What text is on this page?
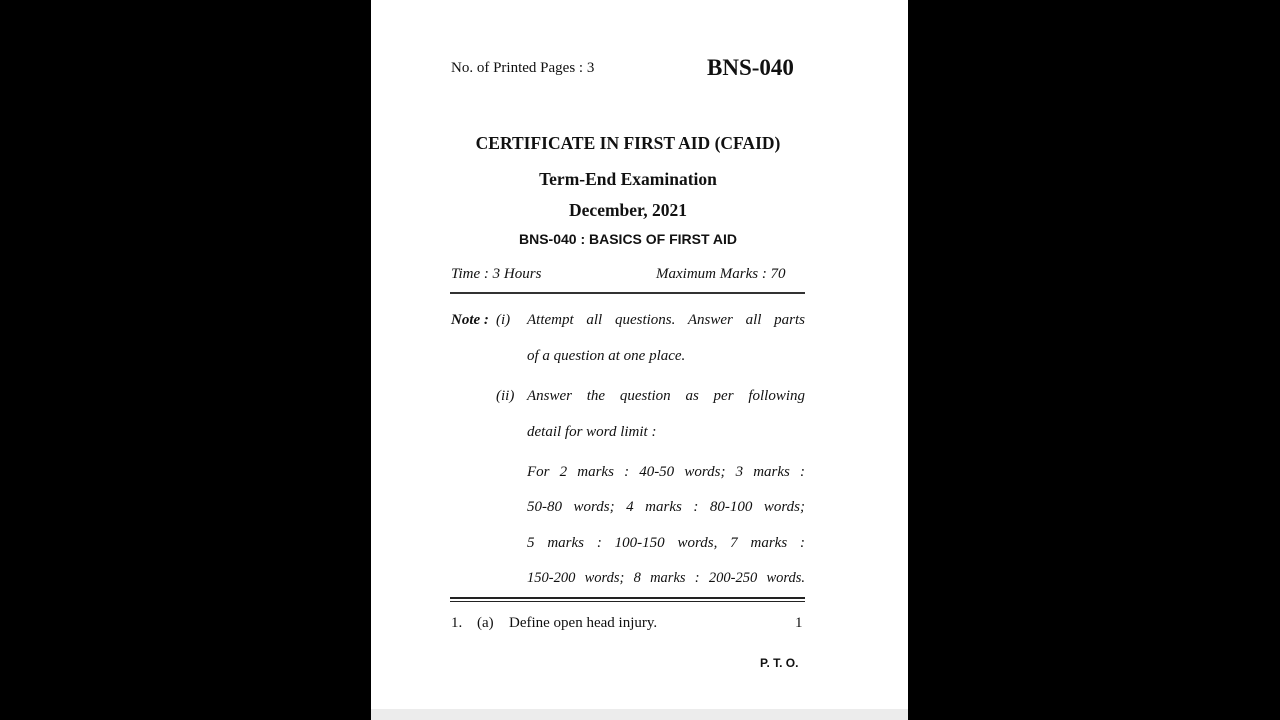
No. of Printed Pages : 3	BNS-040
CERTIFICATE IN FIRST AID (CFAID)
Term-End Examination
December, 2021
BNS-040 : BASICS OF FIRST AID
Time : 3 Hours	Maximum Marks : 70
Note : (i) Attempt all questions. Answer all parts
of a question at one place.
(ii) Answer the question as per following
detail for word limit :
For 2 marks : 40-50 words; 3 marks :
50-80 words; 4 marks : 80-100 words;
5 marks : 100-150 words, 7 marks :
150-200 words; 8 marks : 200-250 words.
1. (a) Define open head injury.	1
P. T. O.
